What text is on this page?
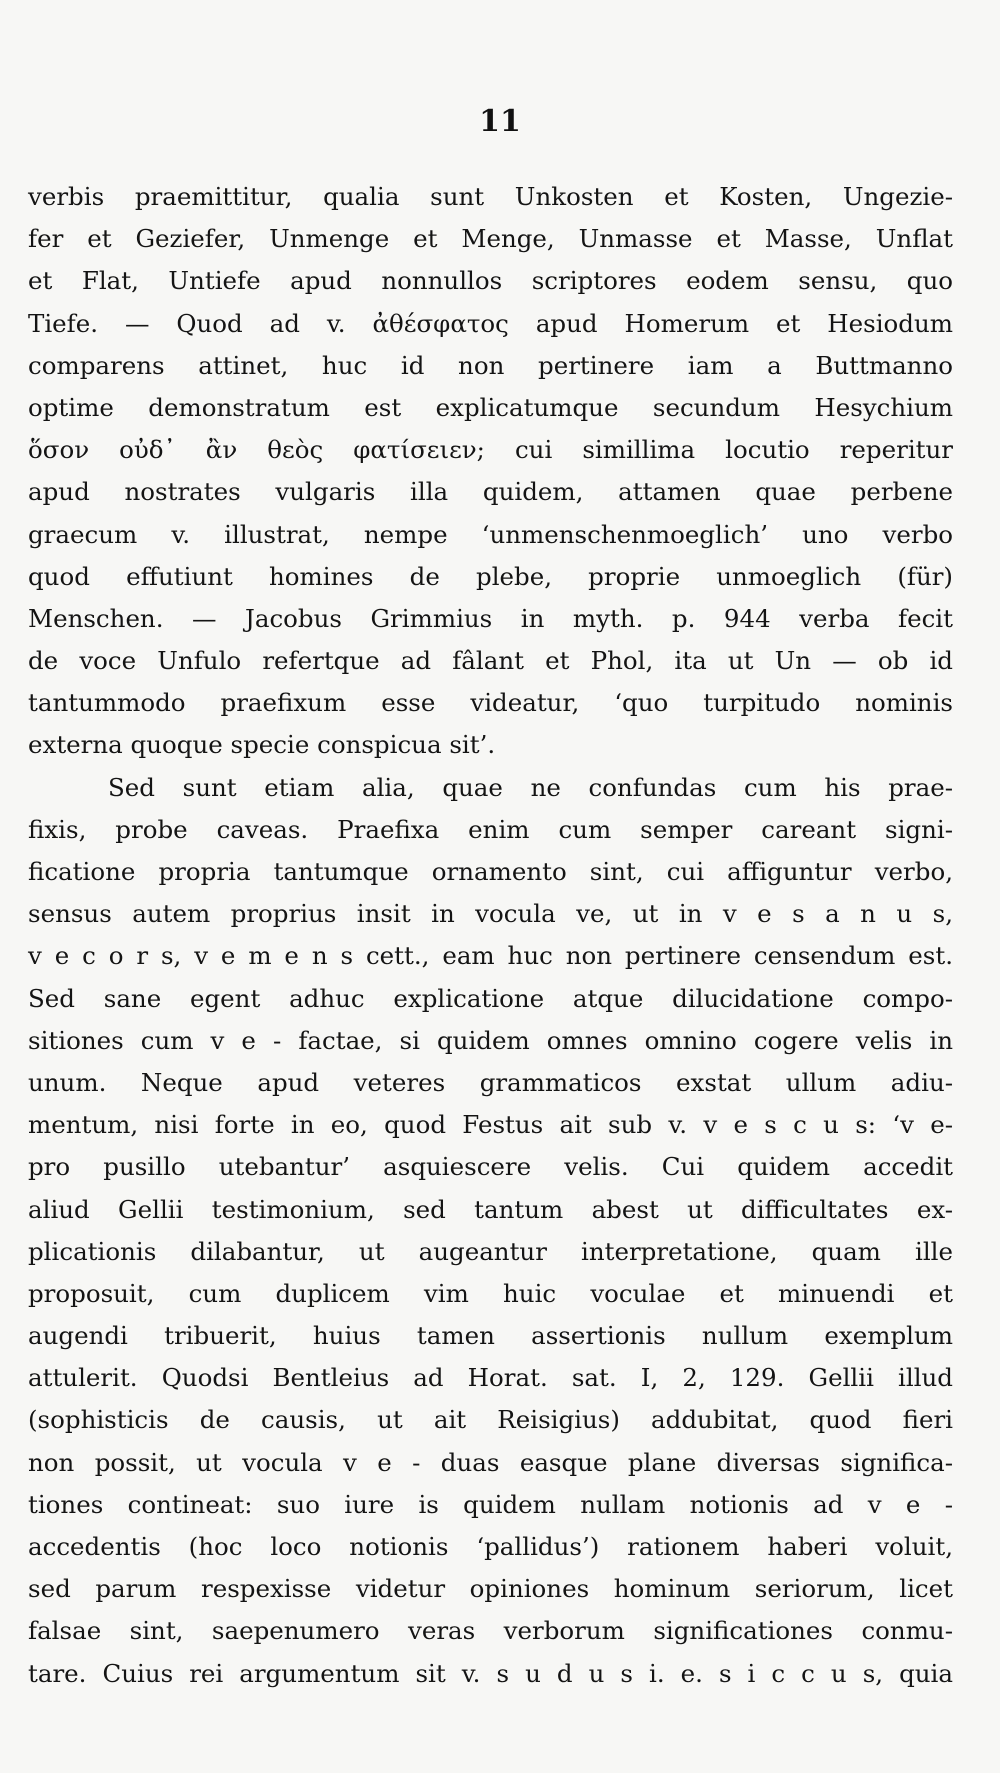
11
verbis praemittitur, qualia sunt Unkosten et Kosten, Ungezie-
fer et Geziefer, Unmenge et Menge, Unmasse et Masse, Unflat
et Flat, Untiefe apud nonnullos scriptores eodem sensu, quo
Tiefe. — Quod ad v. ἀθέσφατος apud Homerum et Hesiodum
comparens attinet, huc id non pertinere iam a Buttmanno
optime demonstratum est explicatumque secundum Hesychium
ὅσον οὐδ᾽ ἂν θεὸς φατίσειεν; cui simillima locutio reperitur
apud nostrates vulgaris illa quidem, attamen quae perbene
graecum v. illustrat, nempe ‘unmenschenmoeglich’ uno verbo
quod effutiunt homines de plebe, proprie unmoeglich (für)
Menschen. — Jacobus Grimmius in myth. p. 944 verba fecit
de voce Unfulo refertque ad fâlant et Phol, ita ut Un — ob id
tantummodo praefixum esse videatur, ‘quo turpitudo nominis
externa quoque specie conspicua sit’.
Sed sunt etiam alia, quae ne confundas cum his prae-
fixis, probe caveas. Praefixa enim cum semper careant signi-
ficatione propria tantumque ornamento sint, cui affiguntur verbo,
sensus autem proprius insit in vocula ve, ut in v e s a n u s,
v e c o r s, v e m e n s cett., eam huc non pertinere censendum est.
Sed sane egent adhuc explicatione atque dilucidatione compo-
sitiones cum v e - factae, si quidem omnes omnino cogere velis in
unum. Neque apud veteres grammaticos exstat ullum adiu-
mentum, nisi forte in eo, quod Festus ait sub v. v e s c u s: ‘v e-
pro pusillo utebantur’ asquiescere velis. Cui quidem accedit
aliud Gellii testimonium, sed tantum abest ut difficultates ex-
plicationis dilabantur, ut augeantur interpretatione, quam ille
proposuit, cum duplicem vim huic voculae et minuendi et
augendi tribuerit, huius tamen assertionis nullum exemplum
attulerit. Quodsi Bentleius ad Horat. sat. I, 2, 129. Gellii illud
(sophisticis de causis, ut ait Reisigius) addubitat, quod fieri
non possit, ut vocula v e - duas easque plane diversas significa-
tiones contineat: suo iure is quidem nullam notionis ad v e -
accedentis (hoc loco notionis ‘pallidus’) rationem haberi voluit,
sed parum respexisse videtur opiniones hominum seriorum, licet
falsae sint, saepenumero veras verborum significationes conmu-
tare. Cuius rei argumentum sit v. s u d u s i. e. s i c c u s, quia
